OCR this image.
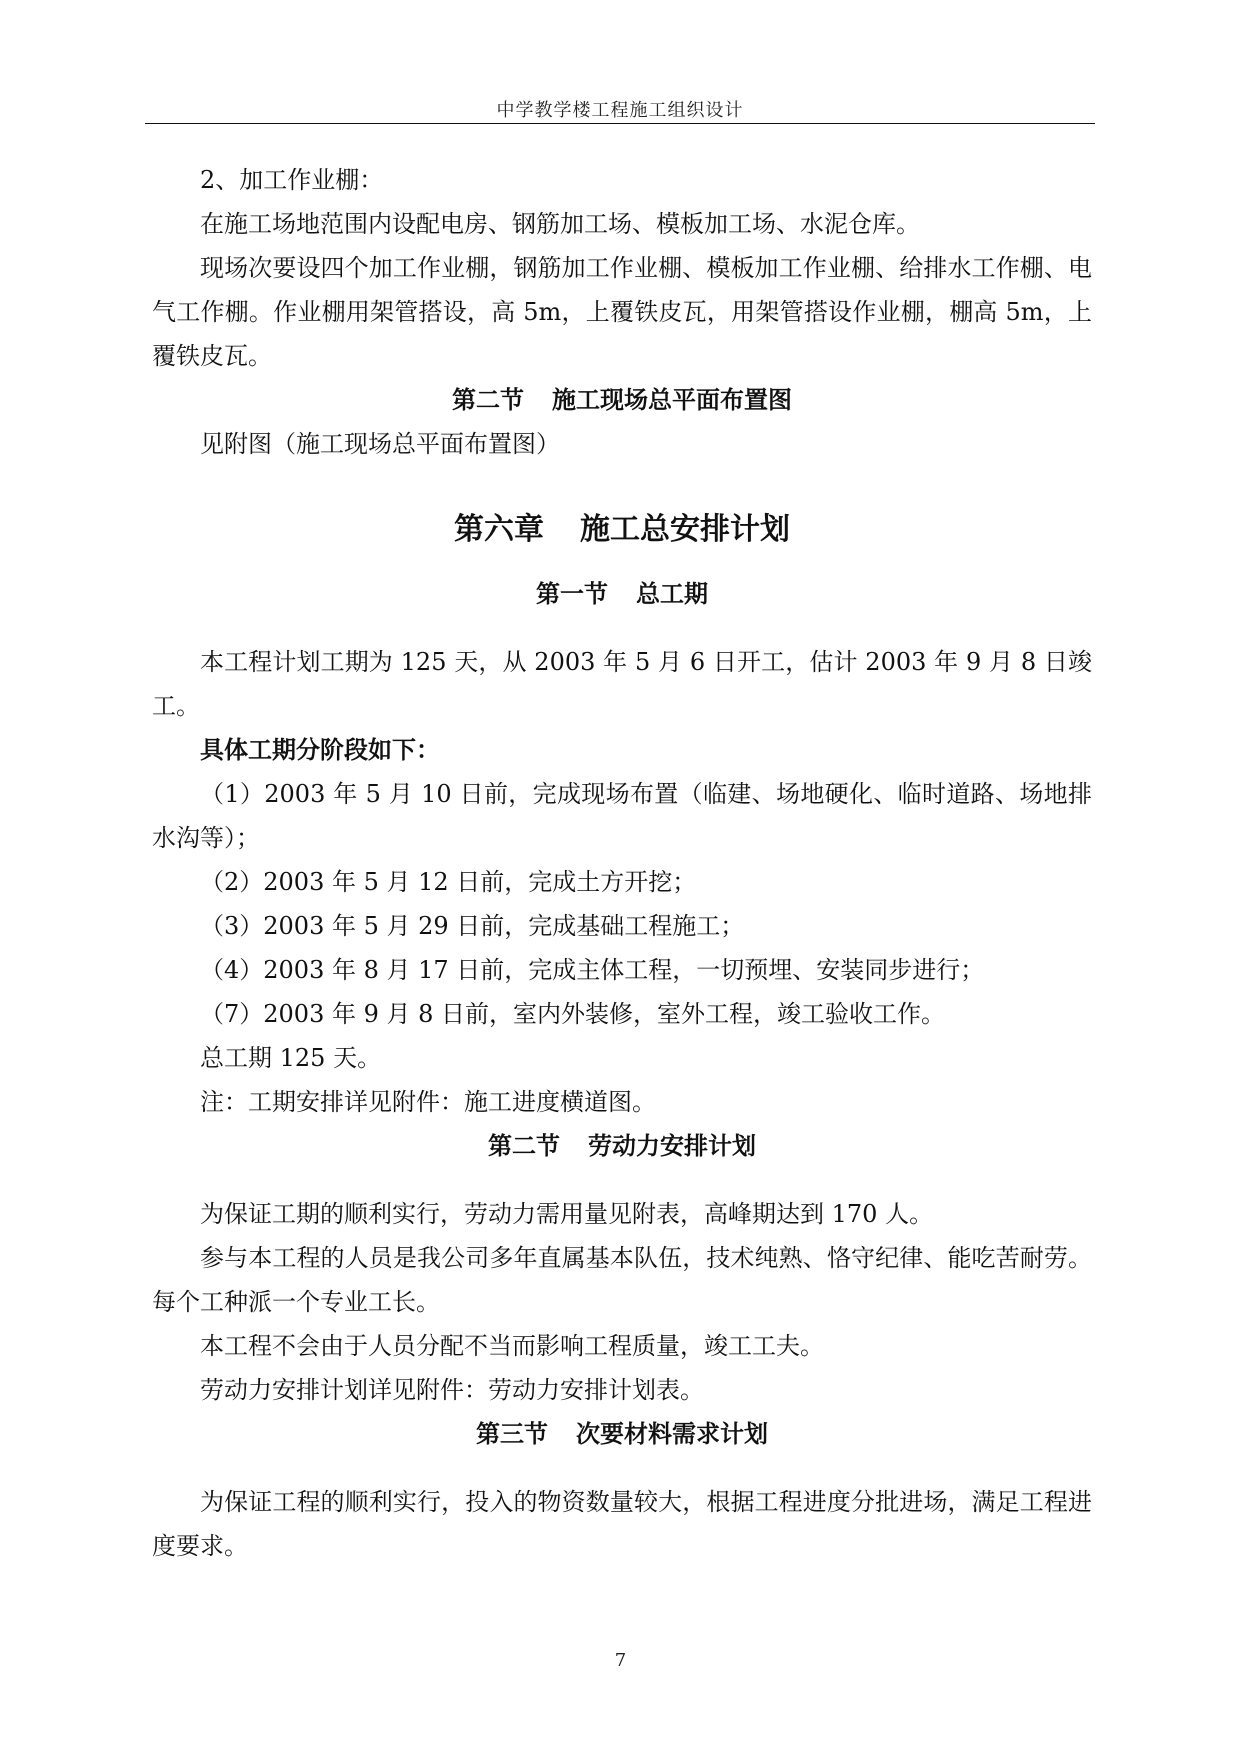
中学教学楼工程施工组织设计

2、加工作业棚：

在施工场地范围内设配电房、钢筋加工场、模板加工场、水泥仓库。

现场次要设四个加工作业棚，钢筋加工作业棚、模板加工作业棚、给排水工作棚、电气工作棚。作业棚用架管搭设，高 5m，上覆铁皮瓦，用架管搭设作业棚，棚高 5m，上覆铁皮瓦。

第二节 施工现场总平面布置图

见附图（施工现场总平面布置图）

第六章 施工总安排计划

第一节 总工期

本工程计划工期为 125 天，从 2003 年 5 月 6 日开工，估计 2003 年 9 月 8 日竣工。

具体工期分阶段如下：

（1）2003 年 5 月 10 日前，完成现场布置（临建、场地硬化、临时道路、场地排水沟等）；

（2）2003 年 5 月 12 日前，完成土方开挖；

（3）2003 年 5 月 29 日前，完成基础工程施工；

（4）2003 年 8 月 17 日前，完成主体工程，一切预埋、安装同步进行；

（7）2003 年 9 月 8 日前，室内外装修，室外工程，竣工验收工作。

总工期 125 天。

注：工期安排详见附件：施工进度横道图。

第二节 劳动力安排计划

为保证工期的顺利实行，劳动力需用量见附表，高峰期达到 170 人。

参与本工程的人员是我公司多年直属基本队伍，技术纯熟、恪守纪律、能吃苦耐劳。每个工种派一个专业工长。

本工程不会由于人员分配不当而影响工程质量，竣工工夫。

劳动力安排计划详见附件：劳动力安排计划表。

第三节 次要材料需求计划

为保证工程的顺利实行，投入的物资数量较大，根据工程进度分批进场，满足工程进度要求。

7
